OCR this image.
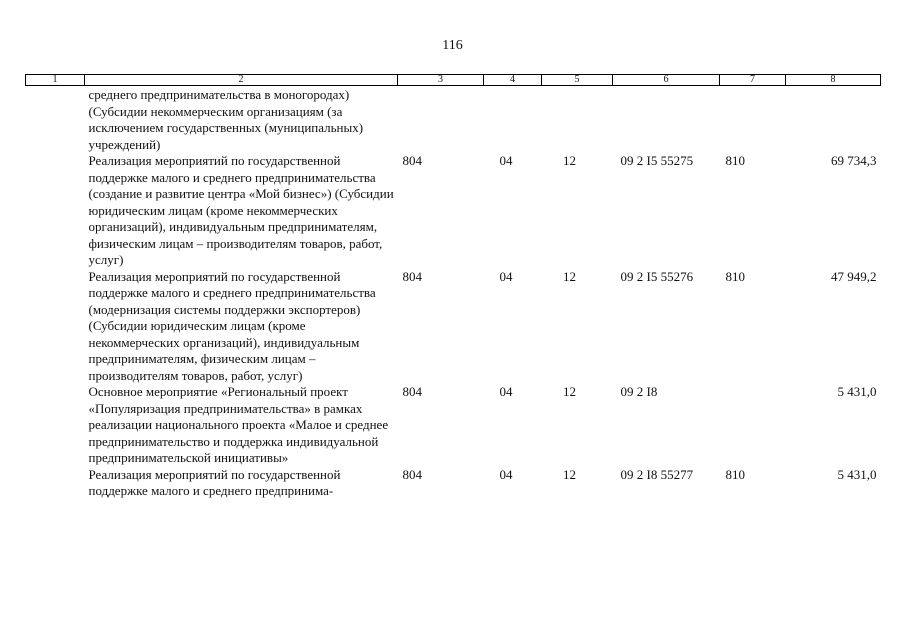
116
1	2	3	4	5	6	7	8
	среднего предпринимательства в моногородах) (Субсидии некоммерческим организациям (за исключением государственных (муниципальных) учреждений)						
	Реализация мероприятий по государственной поддержке малого и среднего предпринимательства (создание и развитие центра «Мой бизнес») (Субсидии юридическим лицам (кроме некоммерческих организаций), индивидуальным предпринимателям, физическим лицам – производителям товаров, работ, услуг)	804	04	12	09 2 I5 55275	810	69 734,3
	Реализация мероприятий по государственной поддержке малого и среднего предпринимательства (модернизация системы поддержки экспортеров) (Субсидии юридическим лицам (кроме некоммерческих организаций), индивидуальным предпринимателям, физическим лицам – производителям товаров, работ, услуг)	804	04	12	09 2 I5 55276	810	47 949,2
	Основное мероприятие «Региональный проект «Популяризация предпринимательства» в рамках реализации национального проекта «Малое и среднее предпринимательство и поддержка индивидуальной предпринимательской инициативы»	804	04	12	09 2 I8		5 431,0
	Реализация мероприятий по государственной поддержке малого и среднего предпринима-	804	04	12	09 2 I8 55277	810	5 431,0
